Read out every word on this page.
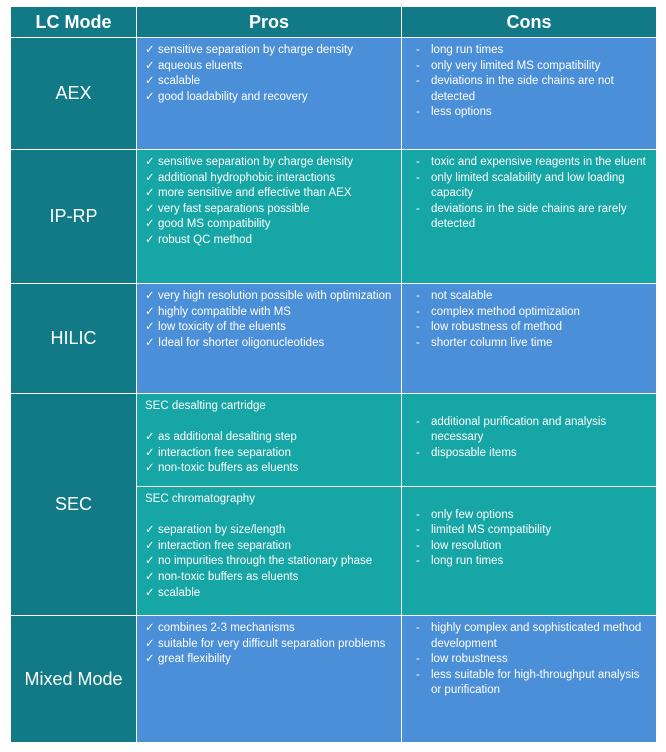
LC Mode	Pros	Cons
AEX
✓ sensitive separation by charge density
✓ aqueous eluents
✓ scalable
✓ good loadability and recovery
- long run times
- only very limited MS compatibility
- deviations in the side chains are not detected
- less options
IP-RP
✓ sensitive separation by charge density
✓ additional hydrophobic interactions
✓ more sensitive and effective than AEX
✓ very fast separations possible
✓ good MS compatibility
✓ robust QC method
- toxic and expensive reagents in the eluent
- only limited scalability and low loading capacity
- deviations in the side chains are rarely detected
HILIC
✓ very high resolution possible with optimization
✓ highly compatible with MS
✓ low toxicity of the eluents
✓ Ideal for shorter oligonucleotides
- not scalable
- complex method optimization
- low robustness of method
- shorter column live time
SEC
SEC desalting cartridge
✓ as additional desalting step
✓ interaction free separation
✓ non-toxic buffers as eluents
SEC chromatography
✓ separation by size/length
✓ interaction free separation
✓ no impurities through the stationary phase
✓ non-toxic buffers as eluents
✓ scalable
- additional purification and analysis necessary
- disposable items
- only few options
- limited MS compatibility
- low resolution
- long run times
Mixed Mode
✓ combines 2-3 mechanisms
✓ suitable for very difficult separation problems
✓ great flexibility
- highly complex and sophisticated method development
- low robustness
- less suitable for high-throughput analysis or purification
